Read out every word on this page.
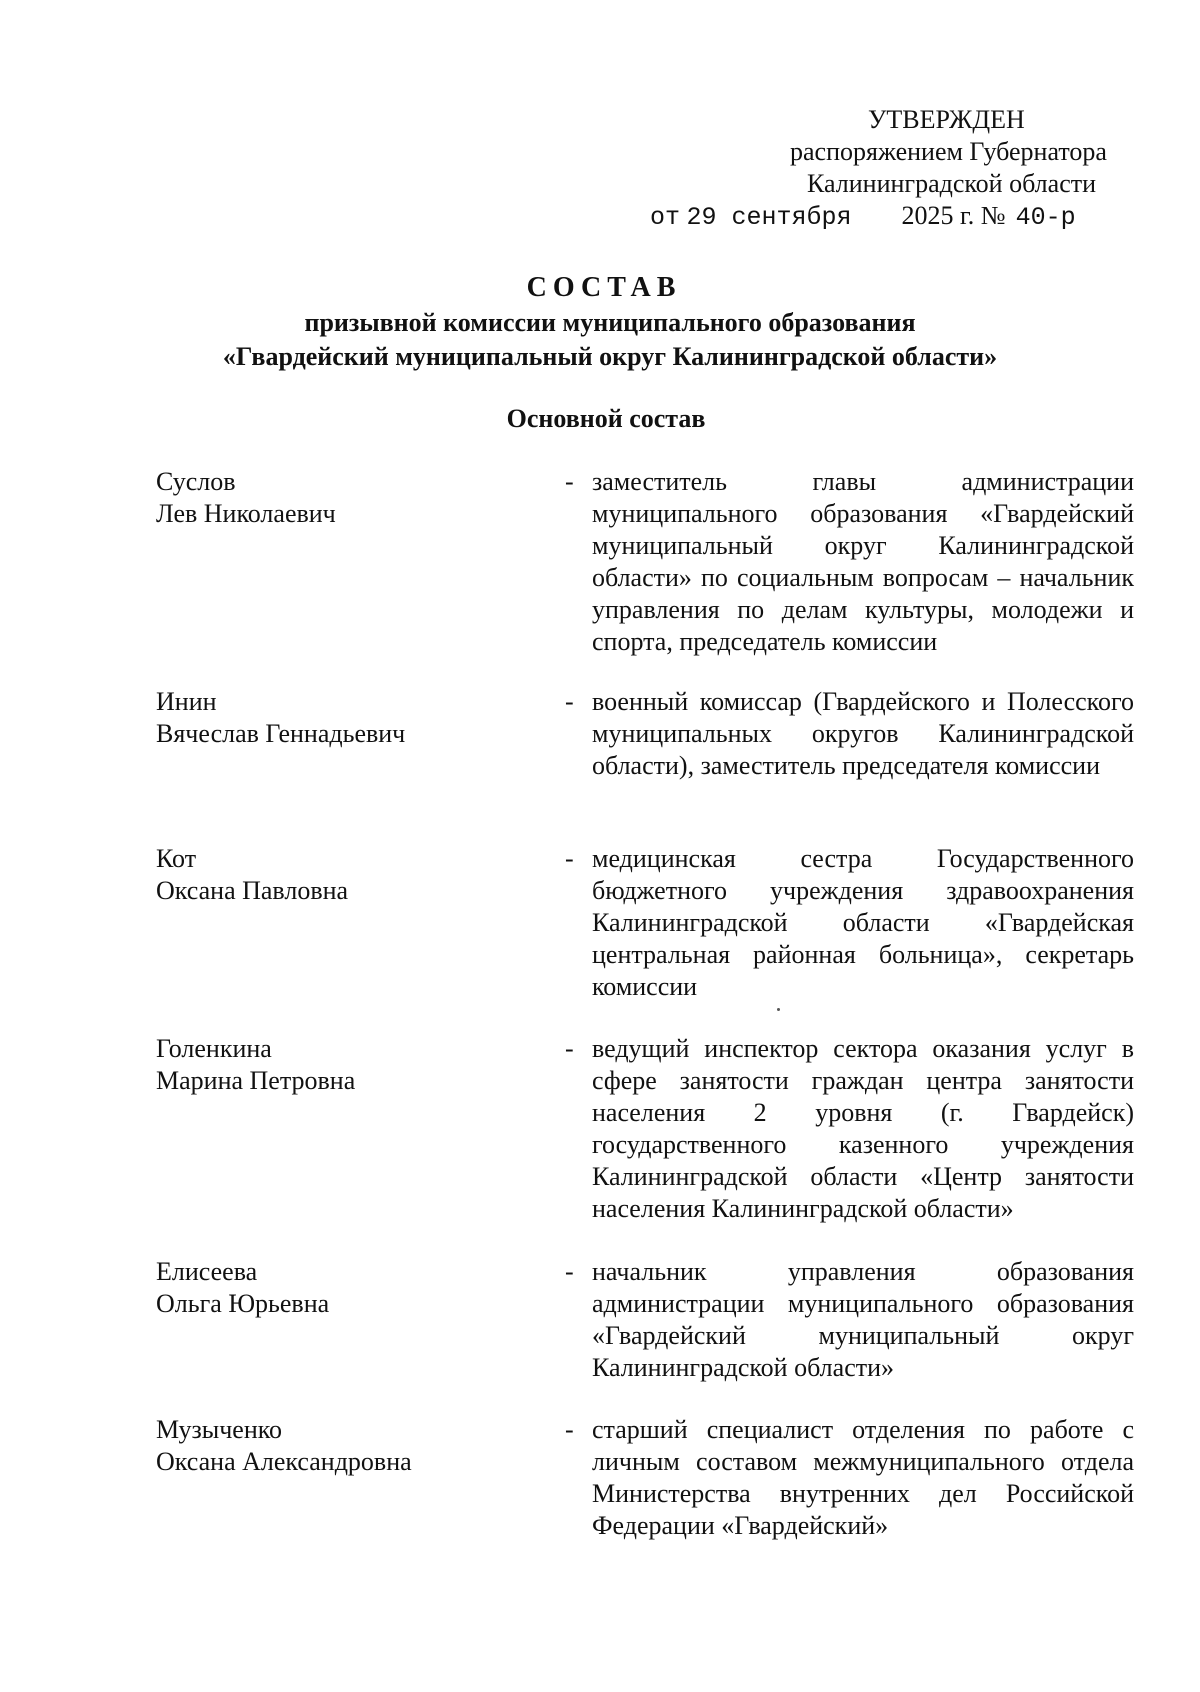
УТВЕРЖДЕН
распоряжением Губернатора
Калининградской области
от 29 сентября 2025 г. № 40-р
СОСТАВ
призывной комиссии муниципального образования
«Гвардейский муниципальный округ Калининградской области»
Основной состав
Суслов
Лев Николаевич
- заместитель главы администрации муниципального образования «Гвардейский муниципальный округ Калининградской области» по социальным вопросам – начальник управления по делам культуры, молодежи и спорта, председатель комиссии
Инин
Вячеслав Геннадьевич
- военный комиссар (Гвардейского и Полесского муниципальных округов Калининградской области), заместитель председателя комиссии
Кот
Оксана Павловна
- медицинская сестра Государственного бюджетного учреждения здравоохранения Калининградской области «Гвардейская центральная районная больница», секретарь комиссии
Голенкина
Марина Петровна
- ведущий инспектор сектора оказания услуг в сфере занятости граждан центра занятости населения 2 уровня (г. Гвардейск) государственного казенного учреждения Калининградской области «Центр занятости населения Калининградской области»
Елисеева
Ольга Юрьевна
- начальник управления образования администрации муниципального образования «Гвардейский муниципальный округ Калининградской области»
Музыченко
Оксана Александровна
- старший специалист отделения по работе с личным составом межмуниципального отдела Министерства внутренних дел Российской Федерации «Гвардейский»
